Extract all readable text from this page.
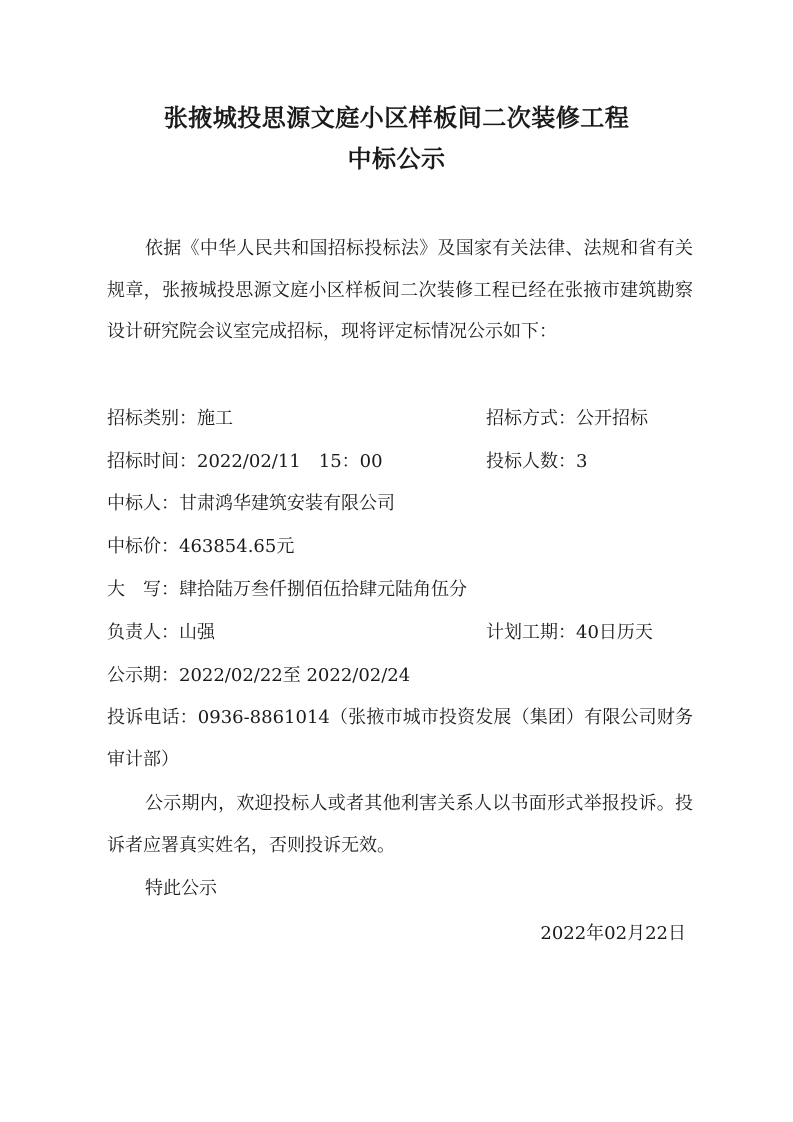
张掖城投思源文庭小区样板间二次装修工程
中标公示
依据《中华人民共和国招标投标法》及国家有关法律、法规和省有关规章，张掖城投思源文庭小区样板间二次装修工程已经在张掖市建筑勘察设计研究院会议室完成招标，现将评定标情况公示如下：
招标类别：施工	招标方式：公开招标
招标时间：2022/02/11　15：00	投标人数：3
中标人：甘肃鸿华建筑安装有限公司
中标价：463854.65元
大　写：肆拾陆万叁仟捌佰伍拾肆元陆角伍分
负责人：山强	计划工期：40日历天
公示期：2022/02/22至 2022/02/24
投诉电话：0936-8861014（张掖市城市投资发展（集团）有限公司财务审计部）
公示期内，欢迎投标人或者其他利害关系人以书面形式举报投诉。投诉者应署真实姓名，否则投诉无效。
特此公示
2022年02月22日
